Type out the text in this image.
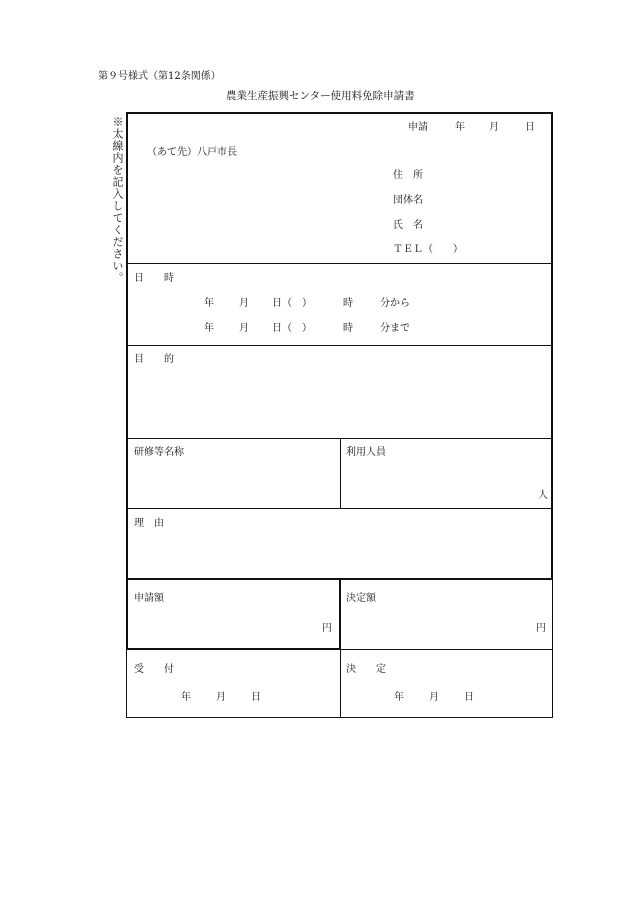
第９号様式（第12条関係）
農業生産振興センター使用料免除申請書
※太線内を記入してください。	申請	年 月	日
（あて先）八戸市長
住　所
団体名
氏　名
ＴＥＬ（　　）
日　　時
年	月 日（　）	時	分から
年	月 日（　）	時	分まで
目　　的
研修等名称	利用人員
人
理　由
申請額
円
決定額
円
受　　付
年	月	日
決　　定
年	月	日
